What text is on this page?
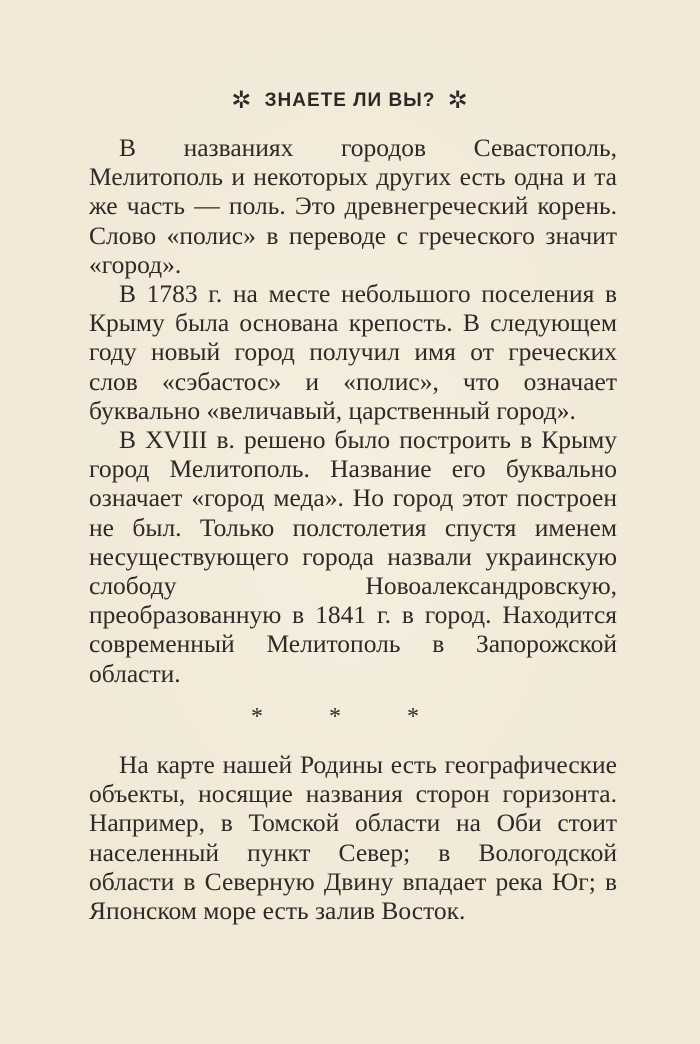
✲ ЗНАЕТЕ ЛИ ВЫ? ✲

В названиях городов Севастополь, Мелитополь и некоторых других есть одна и та же часть — поль. Это древнегреческий корень. Слово «полис» в переводе с греческого значит «город».

В 1783 г. на месте небольшого поселения в Крыму была основана крепость. В следующем году новый город получил имя от греческих слов «сэбастос» и «полис», что означает буквально «величавый, царственный город».

В XVIII в. решено было построить в Крыму город Мелитополь. Название его буквально означает «город меда». Но город этот построен не был. Только полстолетия спустя именем несуществующего города назвали украинскую слободу Новоалександровскую, преобразованную в 1841 г. в город. Находится современный Мелитополь в Запорожской области.

* * *

На карте нашей Родины есть географические объекты, носящие названия сторон горизонта. Например, в Томской области на Оби стоит населенный пункт Север; в Вологодской области в Северную Двину впадает река Юг; в Японском море есть залив Восток.
